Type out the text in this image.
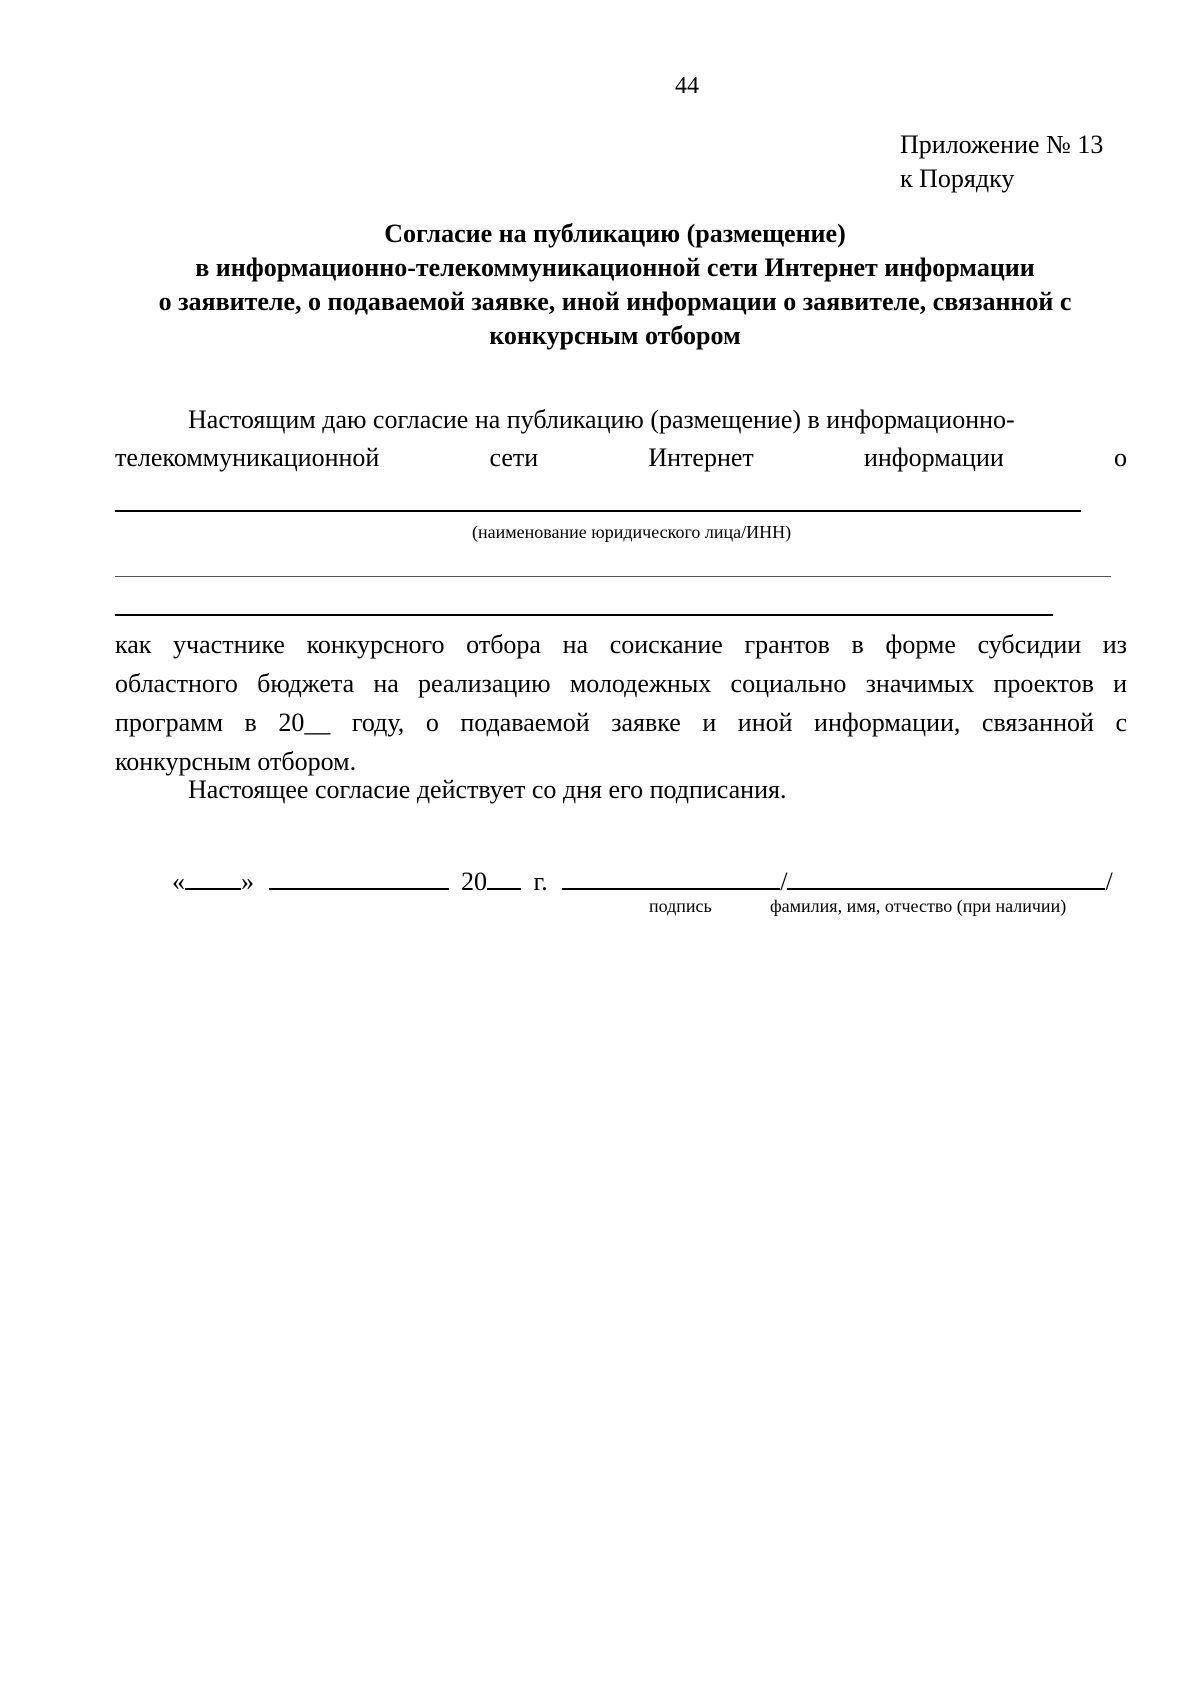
44
Приложение № 13
к Порядку
Согласие на публикацию (размещение)
в информационно-телекоммуникационной сети Интернет информации
о заявителе, о подаваемой заявке, иной информации о заявителе, связанной с
конкурсным отбором
Настоящим даю согласие на публикацию (размещение) в информационно-
телекоммуникационной	сети	Интернет	информации	о
(наименование юридического лица/ИНН)
как участнике конкурсного отбора на соискание грантов в форме субсидии из
областного бюджета на реализацию молодежных социально значимых проектов и
программ в 20__ году, о подаваемой заявке и иной информации, связанной с
конкурсным отбором.
Настоящее согласие действует со дня его подписания.
« »	20 г.	/	/
подпись	фамилия, имя, отчество (при наличии)
